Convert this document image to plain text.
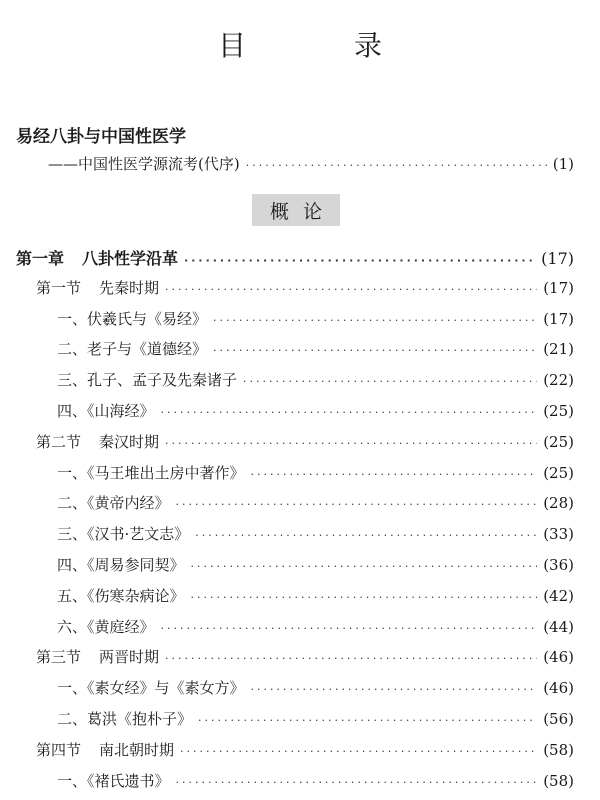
目　录
易经八卦与中国性医学
——中国性医学源流考(代序) ·····	(1)
概论
第一章 八卦性学沿革 ·····	(17)
第一节 先秦时期 ·····	(17)
一、伏羲氏与《易经》 ·····	(17)
二、老子与《道德经》 ·····	(21)
三、孔子、孟子及先秦诸子 ·····	(22)
四、《山海经》 ·····	(25)
第二节 秦汉时期 ·····	(25)
一、《马王堆出土房中著作》 ·····	(25)
二、《黄帝内经》 ·····	(28)
三、《汉书·艺文志》 ·····	(33)
四、《周易参同契》 ·····	(36)
五、《伤寒杂病论》 ·····	(42)
六、《黄庭经》 ·····	(44)
第三节 两晋时期 ·····	(46)
一、《素女经》与《素女方》 ·····	(46)
二、葛洪《抱朴子》 ·····	(56)
第四节 南北朝时期 ·····	(58)
一、《褚氏遗书》 ·····	(58)
